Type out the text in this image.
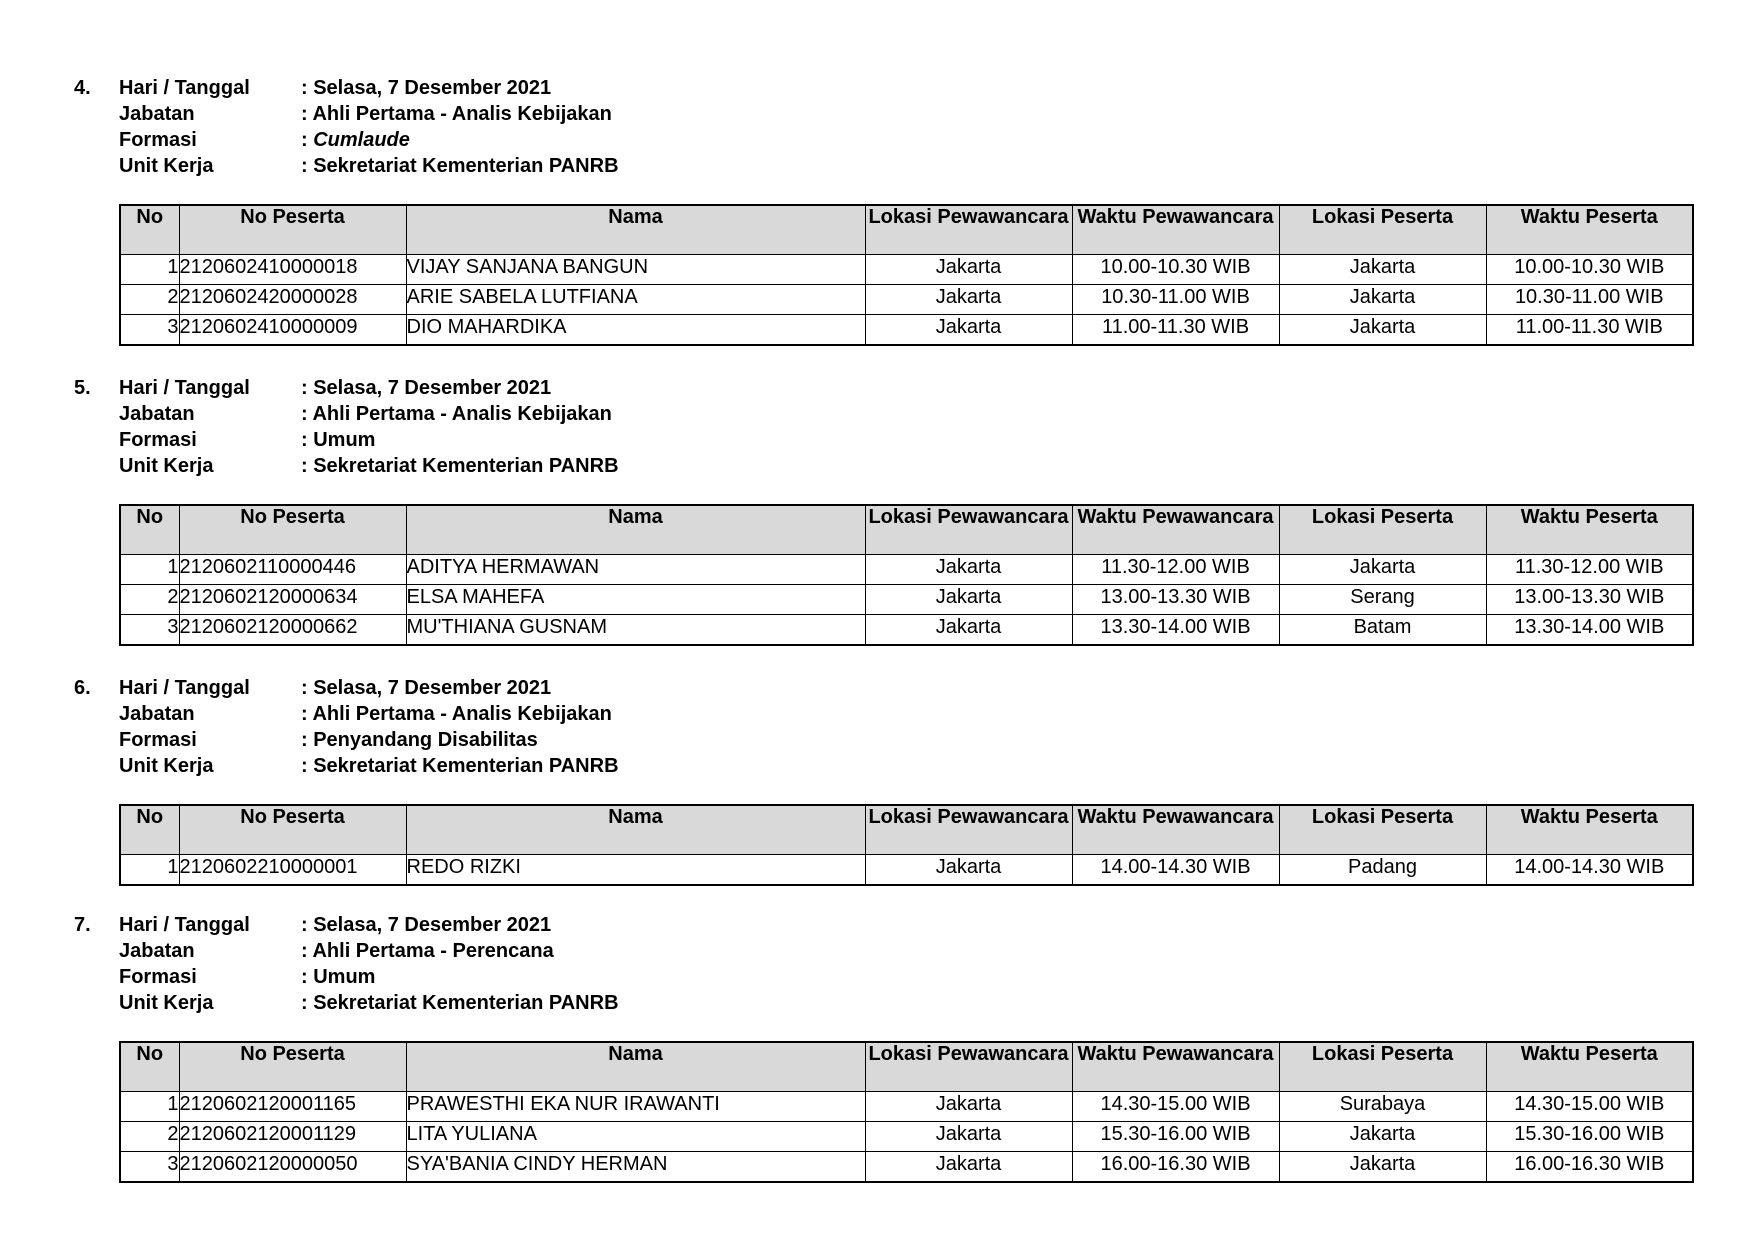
4. Hari / Tanggal	: Selasa, 7 Desember 2021
Jabatan	: Ahli Pertama - Analis Kebijakan
Formasi	: Cumlaude
Unit Kerja	: Sekretariat Kementerian PANRB
No	No Peserta	Nama	Lokasi Pewawancara	Waktu Pewawancara	Lokasi Peserta	Waktu Peserta
1	2120602410000018	VIJAY SANJANA BANGUN	Jakarta	10.00-10.30 WIB	Jakarta	10.00-10.30 WIB
2	2120602420000028	ARIE SABELA LUTFIANA	Jakarta	10.30-11.00 WIB	Jakarta	10.30-11.00 WIB
3	2120602410000009	DIO MAHARDIKA	Jakarta	11.00-11.30 WIB	Jakarta	11.00-11.30 WIB
5. Hari / Tanggal	: Selasa, 7 Desember 2021
Jabatan	: Ahli Pertama - Analis Kebijakan
Formasi	: Umum
Unit Kerja	: Sekretariat Kementerian PANRB
No	No Peserta	Nama	Lokasi Pewawancara	Waktu Pewawancara	Lokasi Peserta	Waktu Peserta
1	2120602110000446	ADITYA HERMAWAN	Jakarta	11.30-12.00 WIB	Jakarta	11.30-12.00 WIB
2	2120602120000634	ELSA MAHEFA	Jakarta	13.00-13.30 WIB	Serang	13.00-13.30 WIB
3	2120602120000662	MU'THIANA GUSNAM	Jakarta	13.30-14.00 WIB	Batam	13.30-14.00 WIB
6. Hari / Tanggal	: Selasa, 7 Desember 2021
Jabatan	: Ahli Pertama - Analis Kebijakan
Formasi	: Penyandang Disabilitas
Unit Kerja	: Sekretariat Kementerian PANRB
No	No Peserta	Nama	Lokasi Pewawancara	Waktu Pewawancara	Lokasi Peserta	Waktu Peserta
1	2120602210000001	REDO RIZKI	Jakarta	14.00-14.30 WIB	Padang	14.00-14.30 WIB
7. Hari / Tanggal	: Selasa, 7 Desember 2021
Jabatan	: Ahli Pertama - Perencana
Formasi	: Umum
Unit Kerja	: Sekretariat Kementerian PANRB
No	No Peserta	Nama	Lokasi Pewawancara	Waktu Pewawancara	Lokasi Peserta	Waktu Peserta
1	2120602120001165	PRAWESTHI EKA NUR IRAWANTI	Jakarta	14.30-15.00 WIB	Surabaya	14.30-15.00 WIB
2	2120602120001129	LITA YULIANA	Jakarta	15.30-16.00 WIB	Jakarta	15.30-16.00 WIB
3	2120602120000050	SYA'BANIA CINDY HERMAN	Jakarta	16.00-16.30 WIB	Jakarta	16.00-16.30 WIB
